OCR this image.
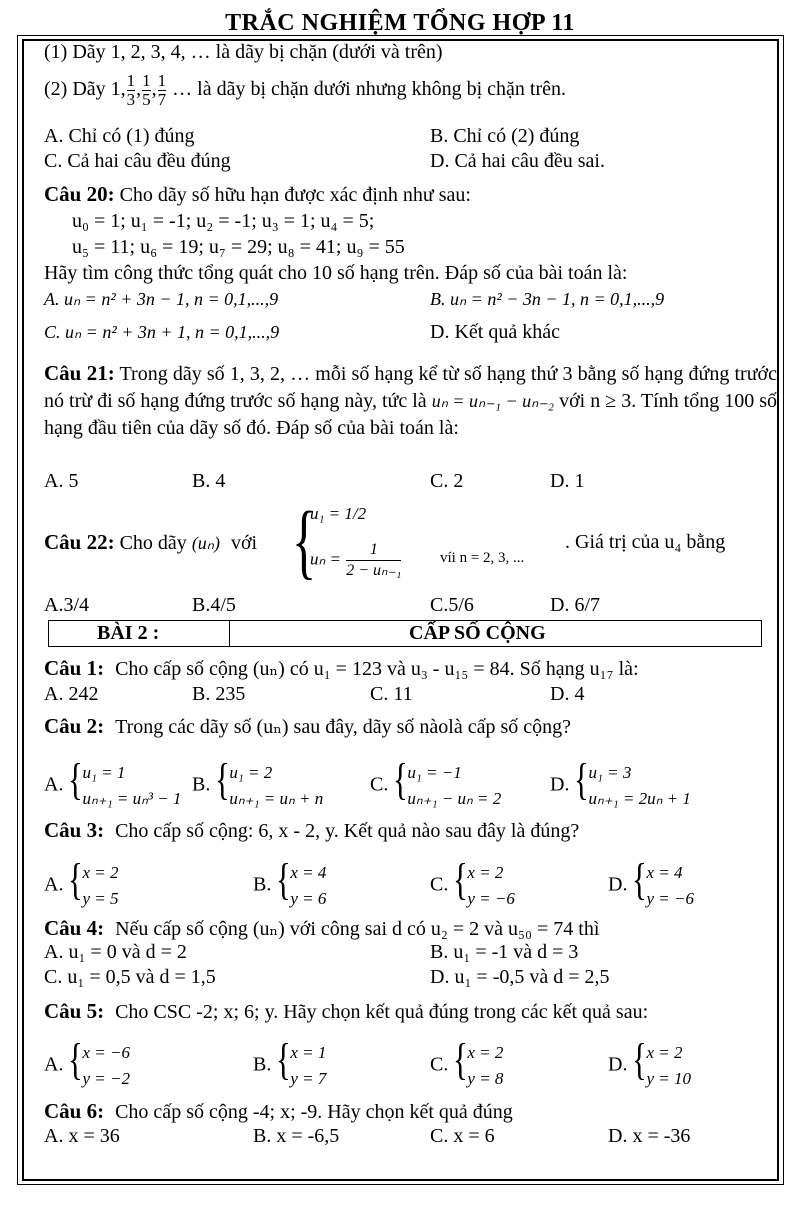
TRẮC NGHIỆM TỔNG HỢP 11
(1) Dãy 1, 2, 3, 4, … là dãy bị chặn (dưới và trên)
(2) Dãy 1, $\frac{1}{3}$ , $\frac{1}{5}$ , $\frac{1}{7}$ … là dãy bị chặn dưới nhưng không bị chặn trên.
A. Chỉ có (1) đúng	B. Chỉ có (2) đúng
C. Cả hai câu đều đúng	D. Cả hai câu đều sai.
Câu 20: Cho dãy số hữu hạn được xác định như sau:
u₀ = 1; u₁ = -1; u₂ = -1; u₃ = 1; u₄ = 5;
u₅ = 11; u₆ = 19; u₇ = 29; u₈ = 41; u₉ = 55
Hãy tìm công thức tổng quát cho 10 số hạng trên. Đáp số của bài toán là:
A. uₙ = n² + 3n − 1, n = 0,1,...,9	B. uₙ = n² − 3n − 1, n = 0,1,...,9
C. uₙ = n² + 3n + 1, n = 0,1,...,9	D. Kết quả khác
Câu 21: Trong dãy số 1, 3, 2, … mỗi số hạng kể từ số hạng thứ 3 bằng số hạng đứng trước nó trừ đi số hạng đứng trước số hạng này, tức là uₙ = uₙ₋₁ − uₙ₋₂ với n ≥ 3. Tính tổng 100 số hạng đầu tiên của dãy số đó. Đáp số của bài toán là:
A. 5	B. 4	C. 2	D. 1
Câu 22: Cho dãy (uₙ) với {
u₁ = 1/2
$u_n = \frac{1}{\text{2 − uₙ₋₁}}$	víi n = 2, 3, ...
. Giá trị của u₄ bằng
A.3/4	B.4/5	C.5/6	D. 6/7
BÀI 2 :	CẤP SỐ CỘNG
Câu 1: Cho cấp số cộng (uₙ) có u₁ = 123 và u₃ - u₁₅ = 84. Số hạng u₁₇ là:
A. 242	B. 235	C. 11	D. 4
Câu 2: Trong các dãy số (uₙ) sau đây, dãy số nàolà cấp số cộng?
A. { u₁ = 1
uₙ₊₁ = uₙ³ − 1
B. { u₁ = 2
uₙ₊₁ = uₙ + n
C. { u₁ = −1
uₙ₊₁ − uₙ = 2
D. { u₁ = 3
uₙ₊₁ = 2uₙ + 1
Câu 3: Cho cấp số cộng: 6, x - 2, y. Kết quả nào sau đây là đúng?
A. { x = 2
y = 5
B. { x = 4
y = 6
C. { x = 2
y = −6
D. { x = 4
y = −6
Câu 4: Nếu cấp số cộng (uₙ) với công sai d có u₂ = 2 và u₅₀ = 74 thì
A. u₁ = 0 và d = 2	B. u₁ = -1 và d = 3
C. u₁ = 0,5 và d = 1,5	D. u₁ = -0,5 và d = 2,5
Câu 5: Cho CSC -2; x; 6; y. Hãy chọn kết quả đúng trong các kết quả sau:
A. { x = −6
y = −2
B. { x = 1
y = 7
C. { x = 2
y = 8
D. { x = 2
y = 10
Câu 6: Cho cấp số cộng -4; x; -9. Hãy chọn kết quả đúng
A. x = 36	B. x = -6,5	C. x = 6	D. x = -36
